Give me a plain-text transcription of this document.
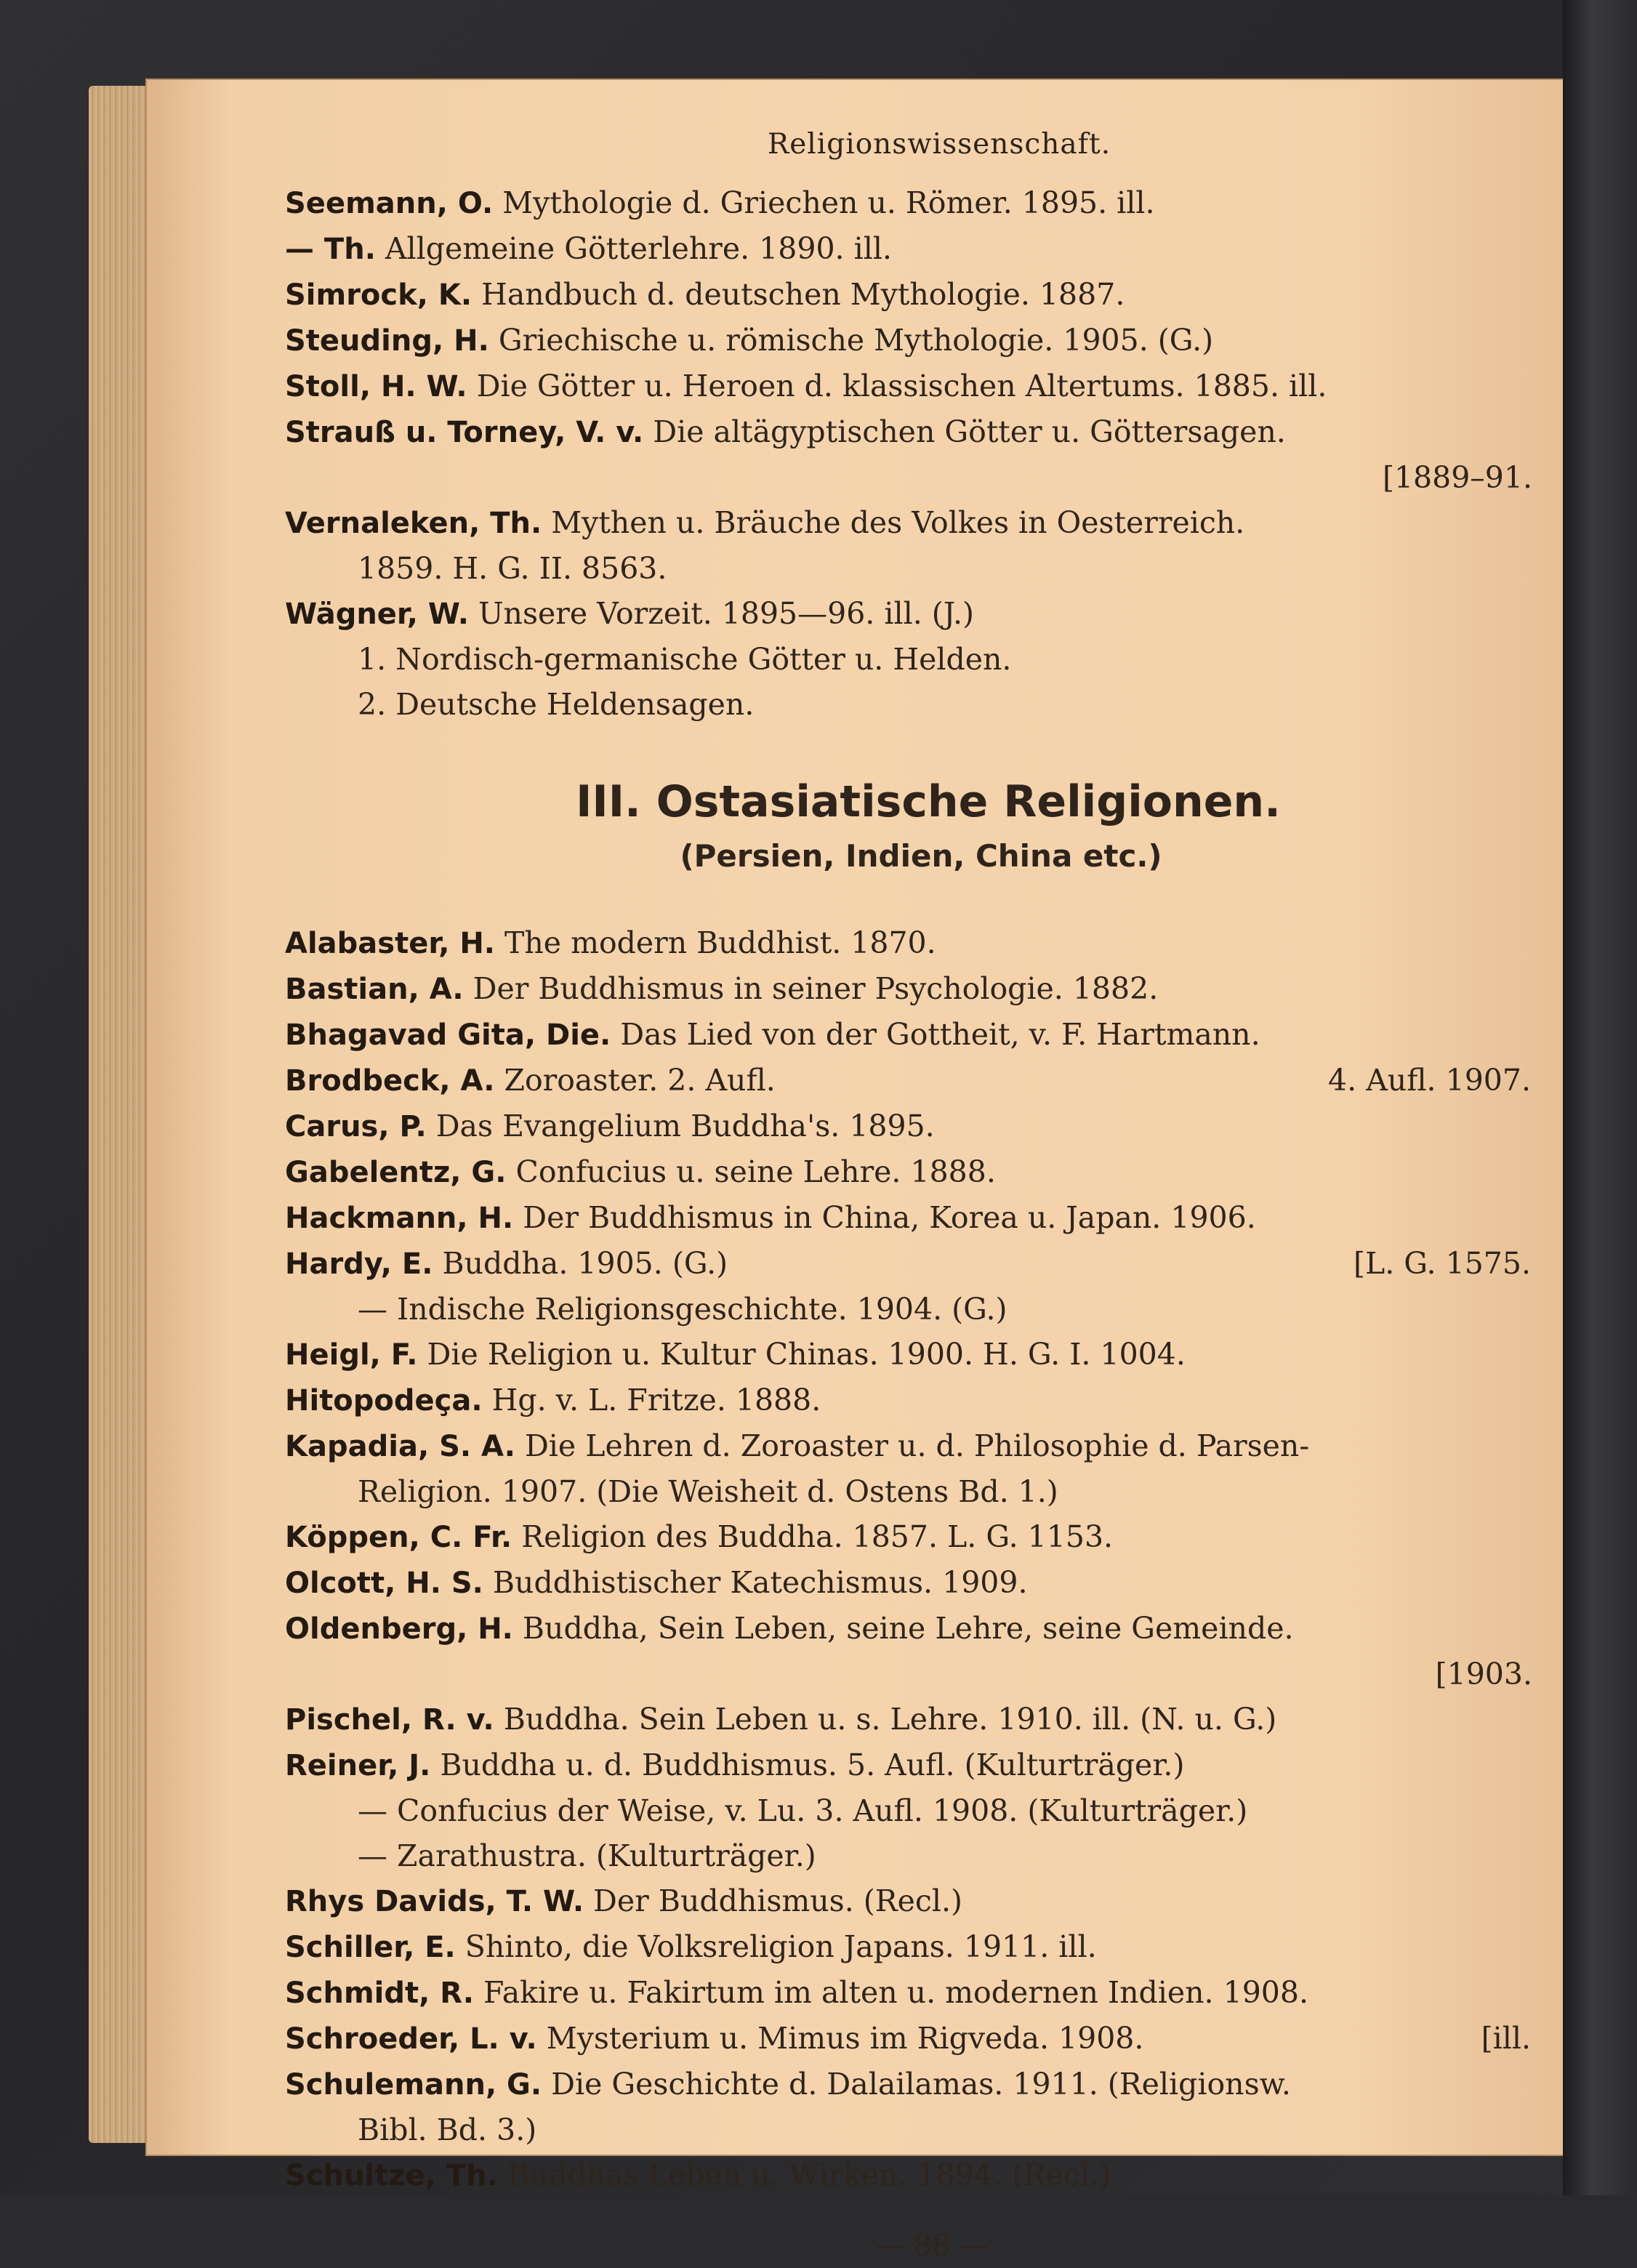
Religionswissenschaft.
Seemann, O. Mythologie d. Griechen u. Römer. 1895. ill.
— Th. Allgemeine Götterlehre. 1890. ill.
Simrock, K. Handbuch d. deutschen Mythologie. 1887.
Steuding, H. Griechische u. römische Mythologie. 1905. (G.)
Stoll, H. W. Die Götter u. Heroen d. klassischen Altertums. 1885. ill.
Strauß u. Torney, V. v. Die altägyptischen Götter u. Göttersagen.
[1889–91.
Vernaleken, Th. Mythen u. Bräuche des Volkes in Oesterreich.
1859. H. G. II. 8563.
Wägner, W. Unsere Vorzeit. 1895—96. ill. (J.)
1. Nordisch-germanische Götter u. Helden.
2. Deutsche Heldensagen.
III. Ostasiatische Religionen.
(Persien, Indien, China etc.)
Alabaster, H. The modern Buddhist. 1870.
Bastian, A. Der Buddhismus in seiner Psychologie. 1882.
Bhagavad Gita, Die. Das Lied von der Gottheit, v. F. Hartmann.
Brodbeck, A. Zoroaster. 2. Aufl.	4. Aufl. 1907.
Carus, P. Das Evangelium Buddha's. 1895.
Gabelentz, G. Confucius u. seine Lehre. 1888.
Hackmann, H. Der Buddhismus in China, Korea u. Japan. 1906.
Hardy, E. Buddha. 1905. (G.)	[L. G. 1575.
— Indische Religionsgeschichte. 1904. (G.)
Heigl, F. Die Religion u. Kultur Chinas. 1900. H. G. I. 1004.
Hitopodeça. Hg. v. L. Fritze. 1888.
Kapadia, S. A. Die Lehren d. Zoroaster u. d. Philosophie d. Parsen-
Religion. 1907. (Die Weisheit d. Ostens Bd. 1.)
Köppen, C. Fr. Religion des Buddha. 1857. L. G. 1153.
Olcott, H. S. Buddhistischer Katechismus. 1909.
Oldenberg, H. Buddha, Sein Leben, seine Lehre, seine Gemeinde.
[1903.
Pischel, R. v. Buddha. Sein Leben u. s. Lehre. 1910. ill. (N. u. G.)
Reiner, J. Buddha u. d. Buddhismus. 5. Aufl. (Kulturträger.)
— Confucius der Weise, v. Lu. 3. Aufl. 1908. (Kulturträger.)
— Zarathustra. (Kulturträger.)
Rhys Davids, T. W. Der Buddhismus. (Recl.)
Schiller, E. Shinto, die Volksreligion Japans. 1911. ill.
Schmidt, R. Fakire u. Fakirtum im alten u. modernen Indien. 1908.
Schroeder, L. v. Mysterium u. Mimus im Rigveda. 1908.	[ill.
Schulemann, G. Die Geschichte d. Dalailamas. 1911. (Religionsw.
Bibl. Bd. 3.)
Schultze, Th. Buddhas Leben u. Wirken. 1894. (Recl.)
— 88 —
